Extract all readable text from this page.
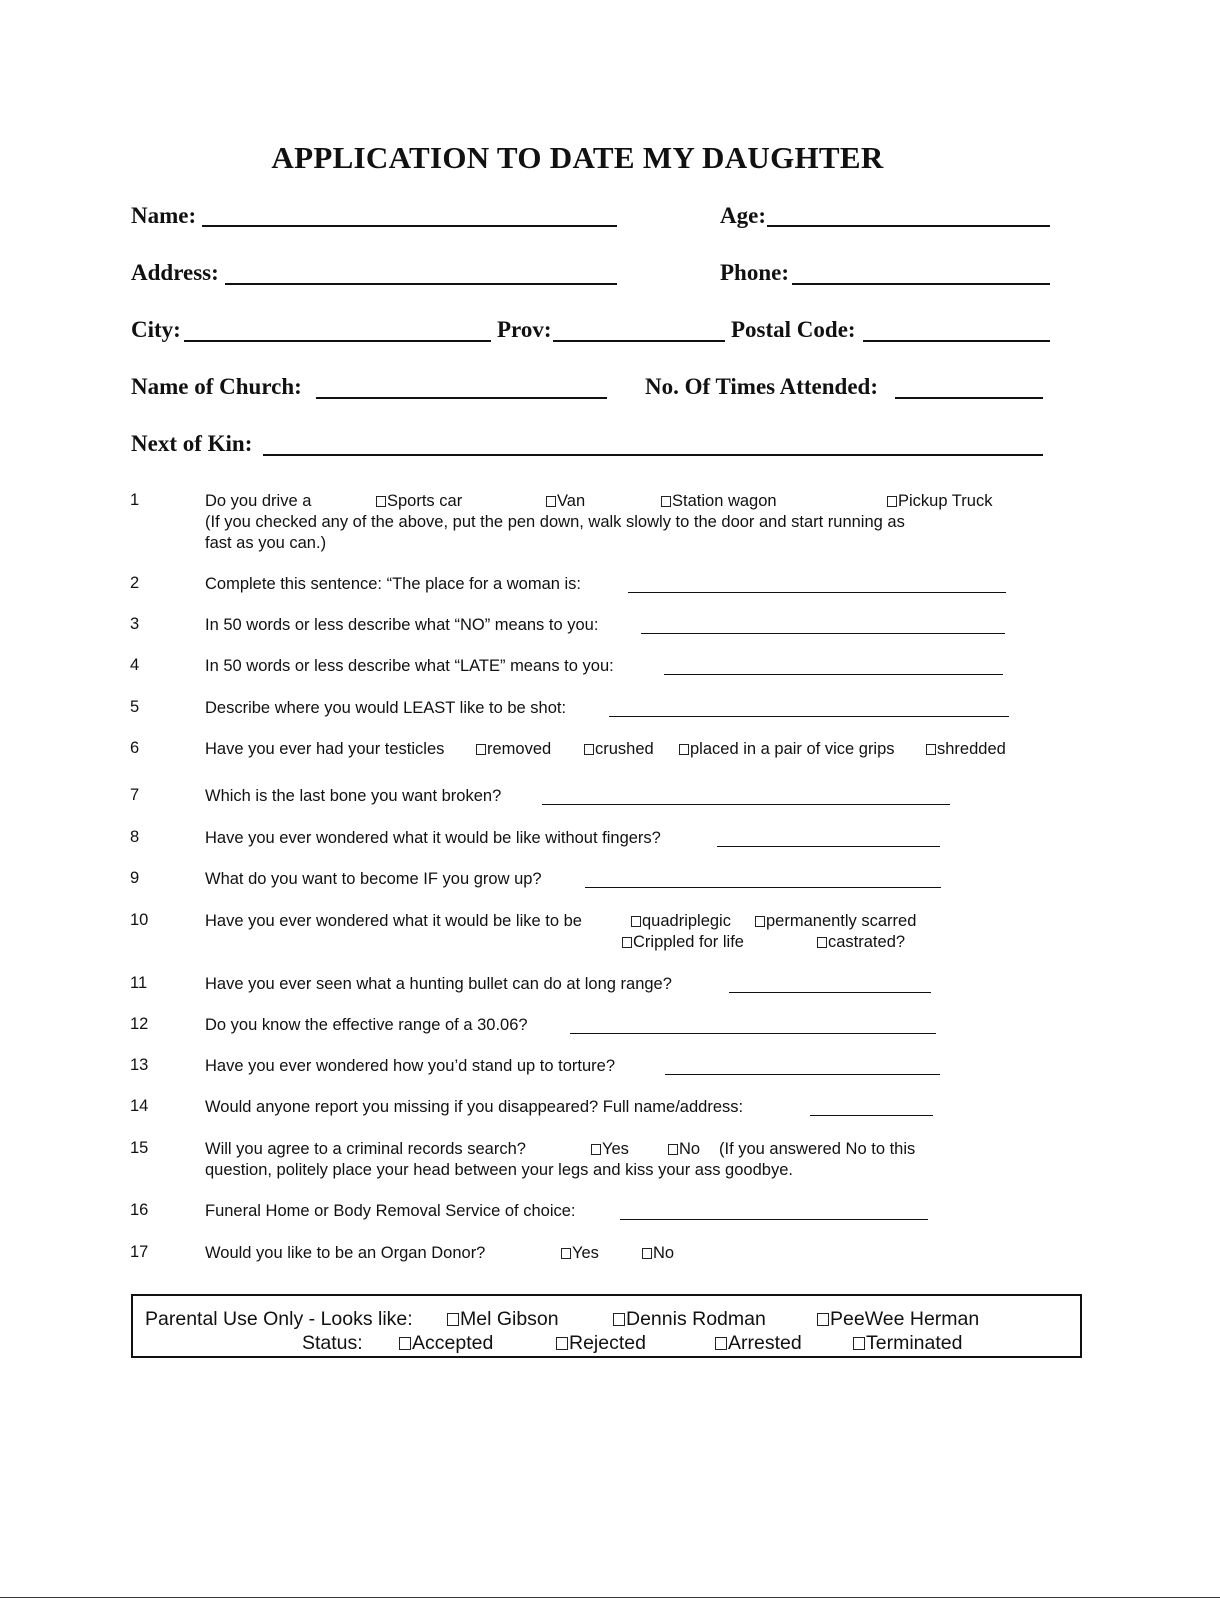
APPLICATION TO DATE MY DAUGHTER
Name:	Age:
Address:	Phone:
City:	Prov:	Postal Code:
Name of Church:	No. Of Times Attended:
Next of Kin:
1	Do you drive a	Sports car	Van	Station wagon	Pickup Truck
(If you checked any of the above, put the pen down, walk slowly to the door and start running as
fast as you can.)
2	Complete this sentence: “The place for a woman is:
3	In 50 words or less describe what “NO” means to you:
4	In 50 words or less describe what “LATE” means to you:
5	Describe where you would LEAST like to be shot:
6	Have you ever had your testicles	removed	crushed	placed in a pair of vice grips	shredded
7	Which is the last bone you want broken?
8	Have you ever wondered what it would be like without fingers?
9	What do you want to become IF you grow up?
10	Have you ever wondered what it would be like to be	quadriplegic	permanently scarred
Crippled for life	castrated?
11	Have you ever seen what a hunting bullet can do at long range?
12	Do you know the effective range of a 30.06?
13	Have you ever wondered how you’d stand up to torture?
14	Would anyone report you missing if you disappeared? Full name/address:
15	Will you agree to a criminal records search?	Yes	No (If you answered No to this
question, politely place your head between your legs and kiss your ass goodbye.
16	Funeral Home or Body Removal Service of choice:
17	Would you like to be an Organ Donor?	Yes	No
Parental Use Only - Looks like:	Mel Gibson	Dennis Rodman	PeeWee Herman
Status:	Accepted	Rejected	Arrested	Terminated
